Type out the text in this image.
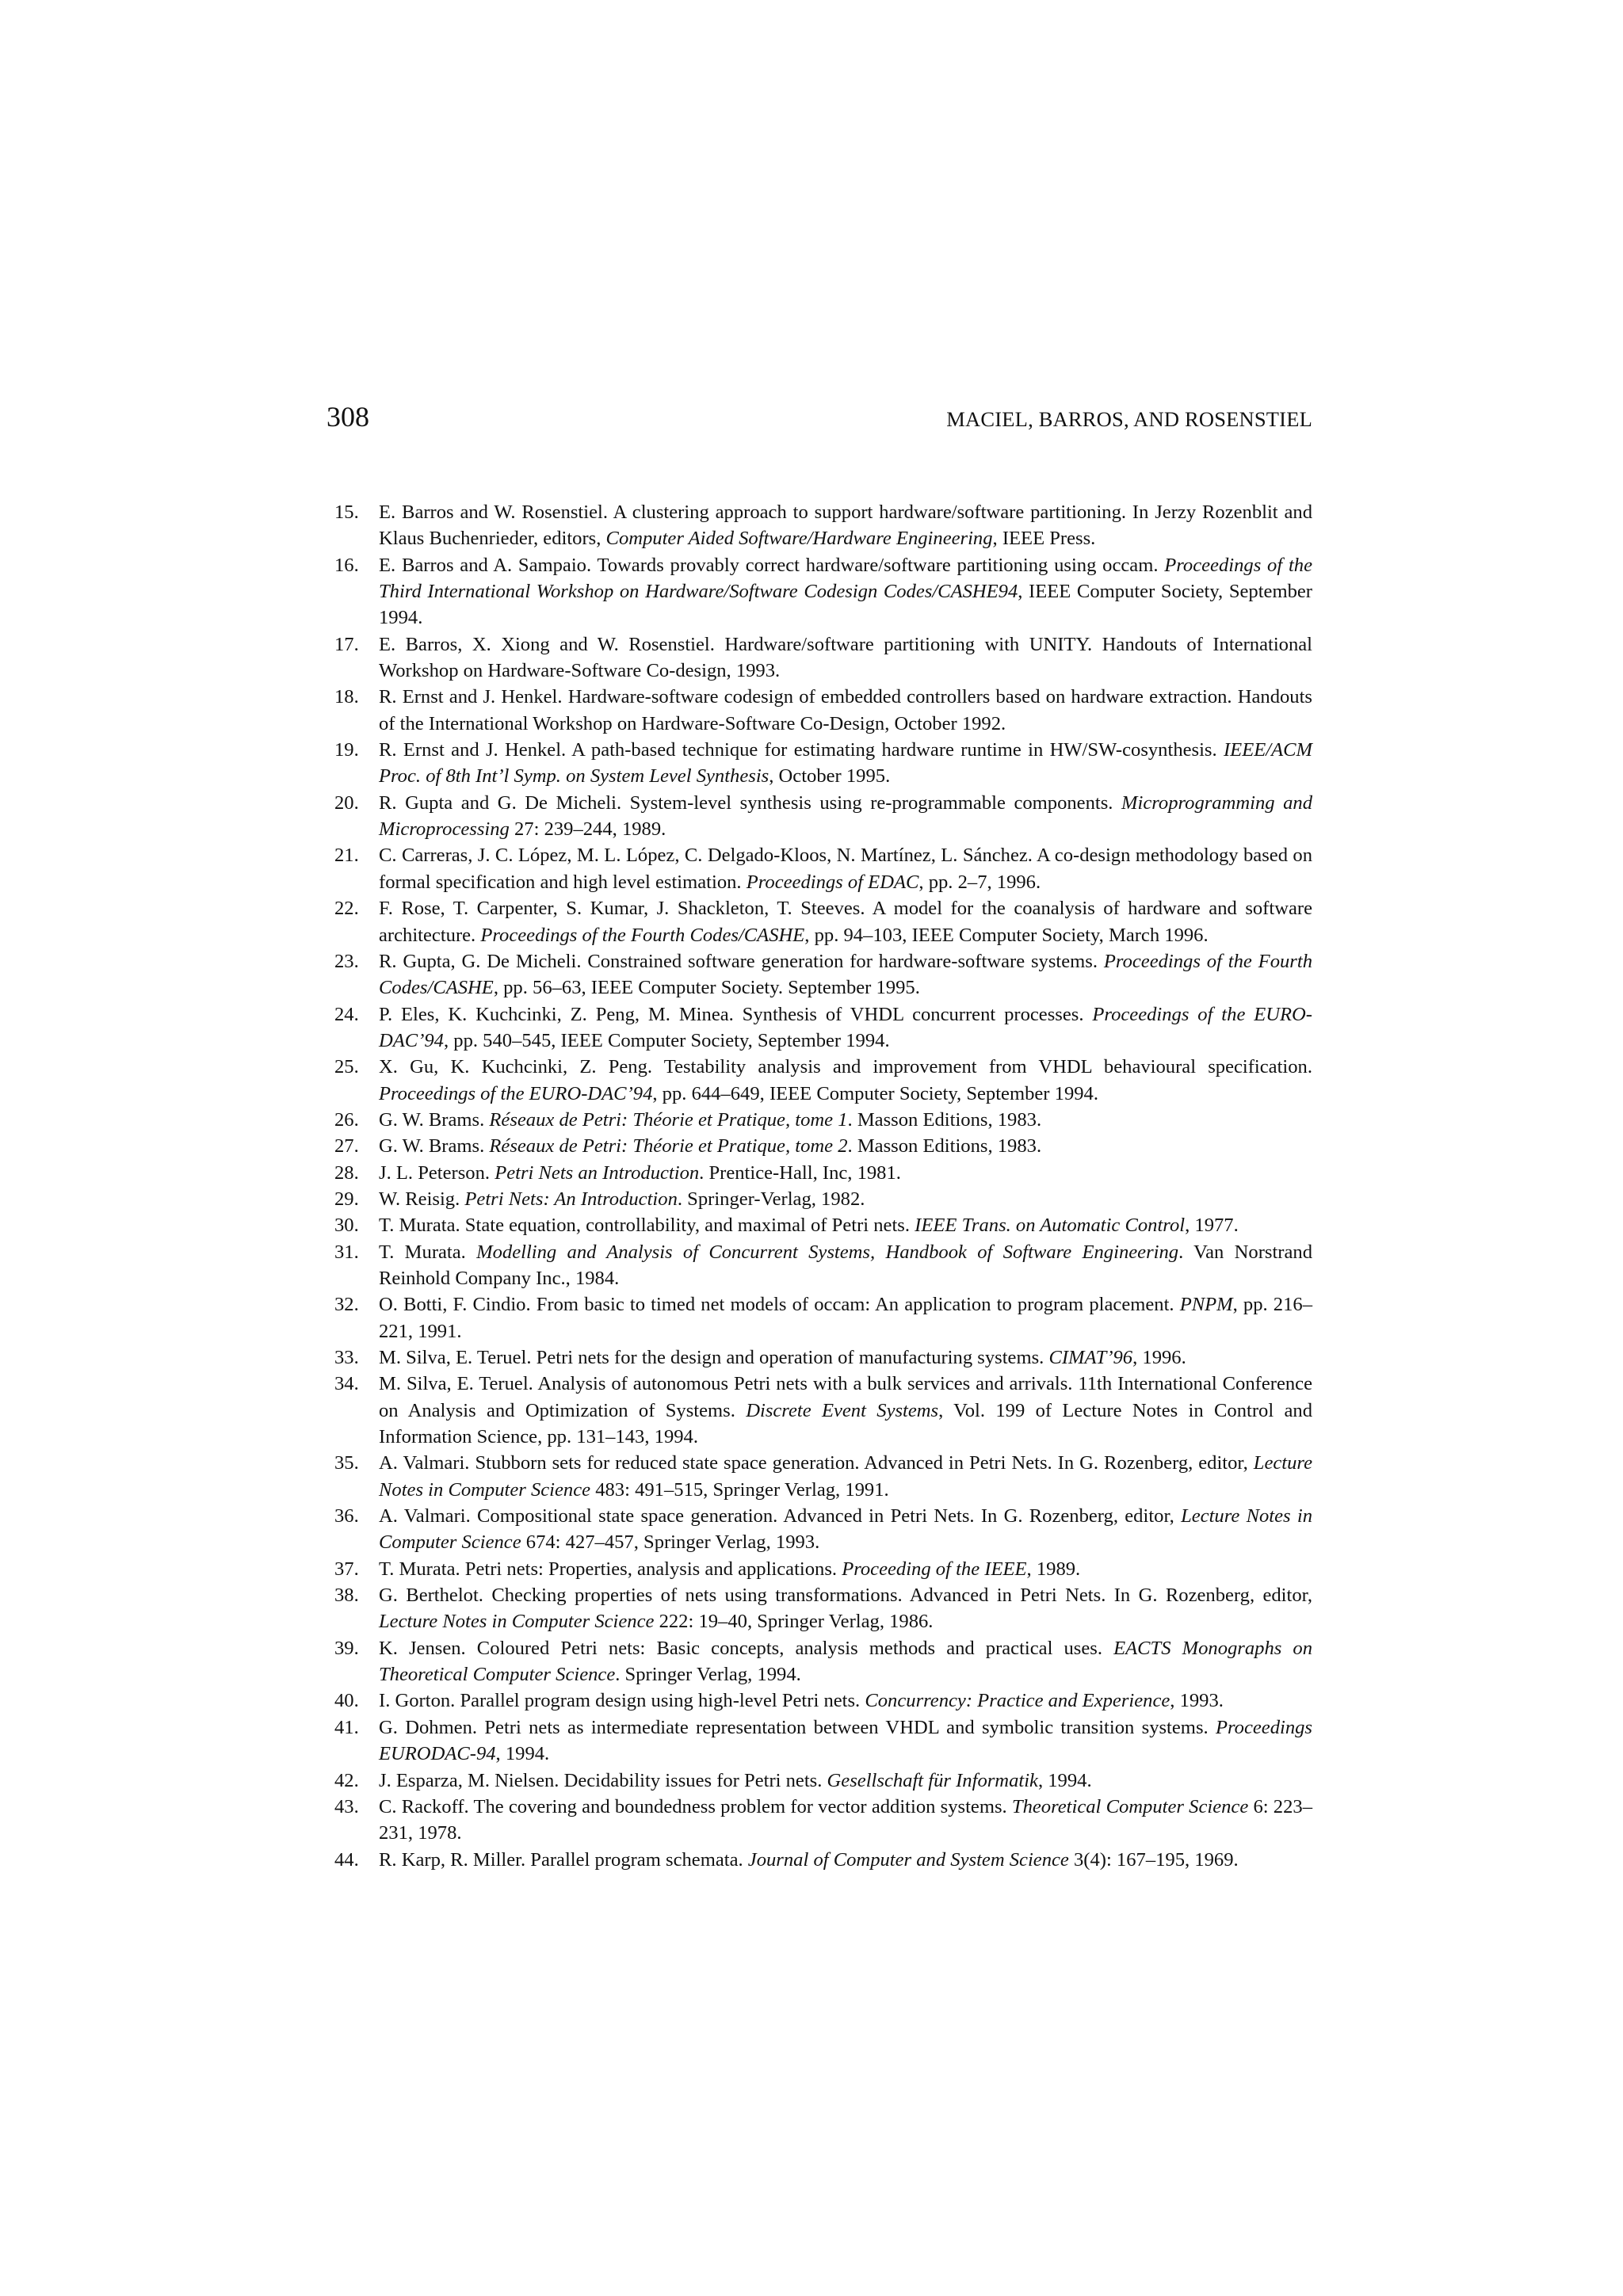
308	MACIEL, BARROS, AND ROSENSTIEL
15. E. Barros and W. Rosenstiel. A clustering approach to support hardware/software partitioning. In Jerzy Rozenblit and Klaus Buchenrieder, editors, Computer Aided Software/Hardware Engineering, IEEE Press.
16. E. Barros and A. Sampaio. Towards provably correct hardware/software partitioning using occam. Proceedings of the Third International Workshop on Hardware/Software Codesign Codes/CASHE94, IEEE Computer Society, September 1994.
17. E. Barros, X. Xiong and W. Rosenstiel. Hardware/software partitioning with UNITY. Handouts of International Workshop on Hardware-Software Co-design, 1993.
18. R. Ernst and J. Henkel. Hardware-software codesign of embedded controllers based on hardware extraction. Handouts of the International Workshop on Hardware-Software Co-Design, October 1992.
19. R. Ernst and J. Henkel. A path-based technique for estimating hardware runtime in HW/SW-cosynthesis. IEEE/ACM Proc. of 8th Int’l Symp. on System Level Synthesis, October 1995.
20. R. Gupta and G. De Micheli. System-level synthesis using re-programmable components. Microprogramming and Microprocessing 27: 239–244, 1989.
21. C. Carreras, J. C. López, M. L. López, C. Delgado-Kloos, N. Martínez, L. Sánchez. A co-design methodology based on formal specification and high level estimation. Proceedings of EDAC, pp. 2–7, 1996.
22. F. Rose, T. Carpenter, S. Kumar, J. Shackleton, T. Steeves. A model for the coanalysis of hardware and software architecture. Proceedings of the Fourth Codes/CASHE, pp. 94–103, IEEE Computer Society, March 1996.
23. R. Gupta, G. De Micheli. Constrained software generation for hardware-software systems. Proceedings of the Fourth Codes/CASHE, pp. 56–63, IEEE Computer Society. September 1995.
24. P. Eles, K. Kuchcinki, Z. Peng, M. Minea. Synthesis of VHDL concurrent processes. Proceedings of the EURO-DAC’94, pp. 540–545, IEEE Computer Society, September 1994.
25. X. Gu, K. Kuchcinki, Z. Peng. Testability analysis and improvement from VHDL behavioural specification. Proceedings of the EURO-DAC’94, pp. 644–649, IEEE Computer Society, September 1994.
26. G. W. Brams. Réseaux de Petri: Théorie et Pratique, tome 1. Masson Editions, 1983.
27. G. W. Brams. Réseaux de Petri: Théorie et Pratique, tome 2. Masson Editions, 1983.
28. J. L. Peterson. Petri Nets an Introduction. Prentice-Hall, Inc, 1981.
29. W. Reisig. Petri Nets: An Introduction. Springer-Verlag, 1982.
30. T. Murata. State equation, controllability, and maximal of Petri nets. IEEE Trans. on Automatic Control, 1977.
31. T. Murata. Modelling and Analysis of Concurrent Systems, Handbook of Software Engineering. Van Norstrand Reinhold Company Inc., 1984.
32. O. Botti, F. Cindio. From basic to timed net models of occam: An application to program placement. PNPM, pp. 216–221, 1991.
33. M. Silva, E. Teruel. Petri nets for the design and operation of manufacturing systems. CIMAT’96, 1996.
34. M. Silva, E. Teruel. Analysis of autonomous Petri nets with a bulk services and arrivals. 11th International Conference on Analysis and Optimization of Systems. Discrete Event Systems, Vol. 199 of Lecture Notes in Control and Information Science, pp. 131–143, 1994.
35. A. Valmari. Stubborn sets for reduced state space generation. Advanced in Petri Nets. In G. Rozenberg, editor, Lecture Notes in Computer Science 483: 491–515, Springer Verlag, 1991.
36. A. Valmari. Compositional state space generation. Advanced in Petri Nets. In G. Rozenberg, editor, Lecture Notes in Computer Science 674: 427–457, Springer Verlag, 1993.
37. T. Murata. Petri nets: Properties, analysis and applications. Proceeding of the IEEE, 1989.
38. G. Berthelot. Checking properties of nets using transformations. Advanced in Petri Nets. In G. Rozenberg, editor, Lecture Notes in Computer Science 222: 19–40, Springer Verlag, 1986.
39. K. Jensen. Coloured Petri nets: Basic concepts, analysis methods and practical uses. EACTS Monographs on Theoretical Computer Science. Springer Verlag, 1994.
40. I. Gorton. Parallel program design using high-level Petri nets. Concurrency: Practice and Experience, 1993.
41. G. Dohmen. Petri nets as intermediate representation between VHDL and symbolic transition systems. Proceedings EURODAC-94, 1994.
42. J. Esparza, M. Nielsen. Decidability issues for Petri nets. Gesellschaft für Informatik, 1994.
43. C. Rackoff. The covering and boundedness problem for vector addition systems. Theoretical Computer Science 6: 223–231, 1978.
44. R. Karp, R. Miller. Parallel program schemata. Journal of Computer and System Science 3(4): 167–195, 1969.
